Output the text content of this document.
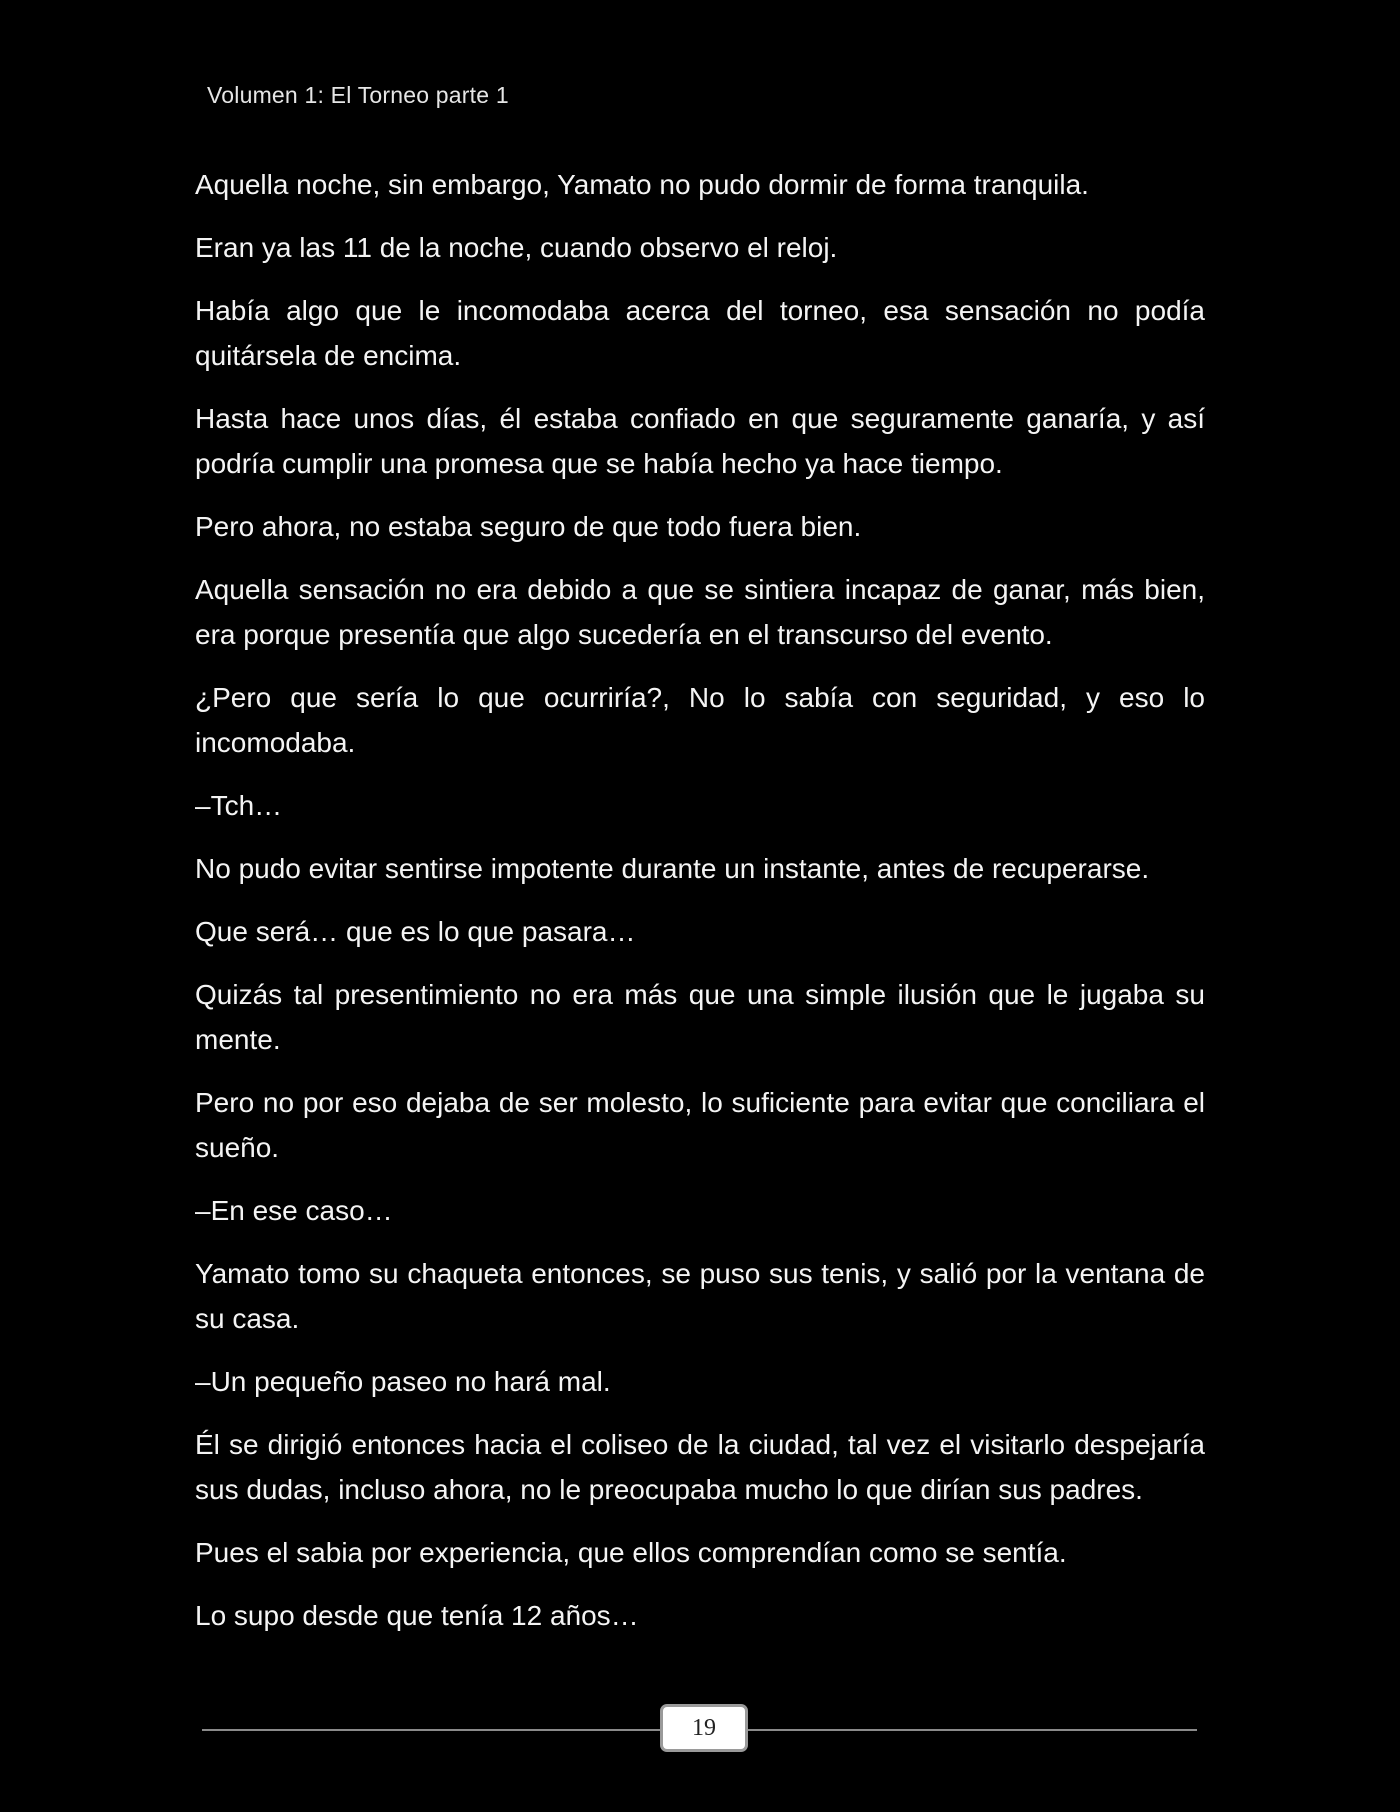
Volumen 1: El Torneo parte 1

Aquella noche, sin embargo, Yamato no pudo dormir de forma tranquila.

Eran ya las 11 de la noche, cuando observo el reloj.

Había algo que le incomodaba acerca del torneo, esa sensación no podía quitársela de encima.

Hasta hace unos días, él estaba confiado en que seguramente ganaría, y así podría cumplir una promesa que se había hecho ya hace tiempo.

Pero ahora, no estaba seguro de que todo fuera bien.

Aquella sensación no era debido a que se sintiera incapaz de ganar, más bien, era porque presentía que algo sucedería en el transcurso del evento.

¿Pero que sería lo que ocurriría?, No lo sabía con seguridad, y eso lo incomodaba.

–Tch…

No pudo evitar sentirse impotente durante un instante, antes de recuperarse.

Que será… que es lo que pasara…

Quizás tal presentimiento no era más que una simple ilusión que le jugaba su mente.

Pero no por eso dejaba de ser molesto, lo suficiente para evitar que conciliara el sueño.

–En ese caso…

Yamato tomo su chaqueta entonces, se puso sus tenis, y salió por la ventana de su casa.

–Un pequeño paseo no hará mal.

Él se dirigió entonces hacia el coliseo de la ciudad, tal vez el visitarlo despejaría sus dudas, incluso ahora, no le preocupaba mucho lo que dirían sus padres.

Pues el sabia por experiencia, que ellos comprendían como se sentía.

Lo supo desde que tenía 12 años…

19
